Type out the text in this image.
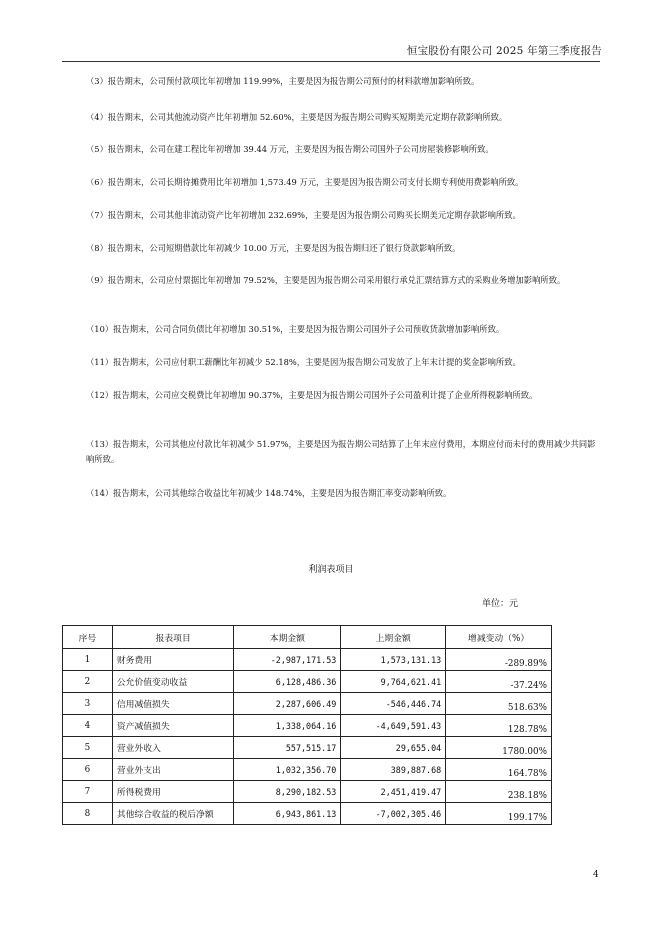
恒宝股份有限公司 2025 年第三季度报告

（3）报告期末，公司预付款项比年初增加 119.99%，主要是因为报告期公司预付的材料款增加影响所致。

（4）报告期末，公司其他流动资产比年初增加 52.60%，主要是因为报告期公司购买短期美元定期存款影响所致。

（5）报告期末，公司在建工程比年初增加 39.44 万元，主要是因为报告期公司国外子公司房屋装修影响所致。

（6）报告期末，公司长期待摊费用比年初增加 1,573.49 万元，主要是因为报告期公司支付长期专利使用费影响所致。

（7）报告期末，公司其他非流动资产比年初增加 232.69%，主要是因为报告期公司购买长期美元定期存款影响所致。

（8）报告期末，公司短期借款比年初减少 10.00 万元，主要是因为报告期归还了银行贷款影响所致。

（9）报告期末，公司应付票据比年初增加 79.52%，主要是因为报告期公司采用银行承兑汇票结算方式的采购业务增加影响所致。

（10）报告期末，公司合同负债比年初增加 30.51%，主要是因为报告期公司国外子公司预收货款增加影响所致。

（11）报告期末，公司应付职工薪酬比年初减少 52.18%，主要是因为报告期公司发放了上年末计提的奖金影响所致。

（12）报告期末，公司应交税费比年初增加 90.37%，主要是因为报告期公司国外子公司盈利计提了企业所得税影响所致。

（13）报告期末，公司其他应付款比年初减少 51.97%，主要是因为报告期公司结算了上年末应付费用，本期应付而未付的费用减少共同影响所致。

（14）报告期末，公司其他综合收益比年初减少 148.74%，主要是因为报告期汇率变动影响所致。

利润表项目
单位：元
序号	报表项目	本期金额	上期金额	增减变动（%）
1	财务费用	-2,987,171.53	1,573,131.13	-289.89%
2	公允价值变动收益	6,128,486.36	9,764,621.41	-37.24%
3	信用减值损失	2,287,606.49	-546,446.74	518.63%
4	资产减值损失	1,338,064.16	-4,649,591.43	128.78%
5	营业外收入	557,515.17	29,655.04	1780.00%
6	营业外支出	1,032,356.70	389,887.68	164.78%
7	所得税费用	8,290,182.53	2,451,419.47	238.18%
8	其他综合收益的税后净额	6,943,861.13	-7,002,305.46	199.17%
4
